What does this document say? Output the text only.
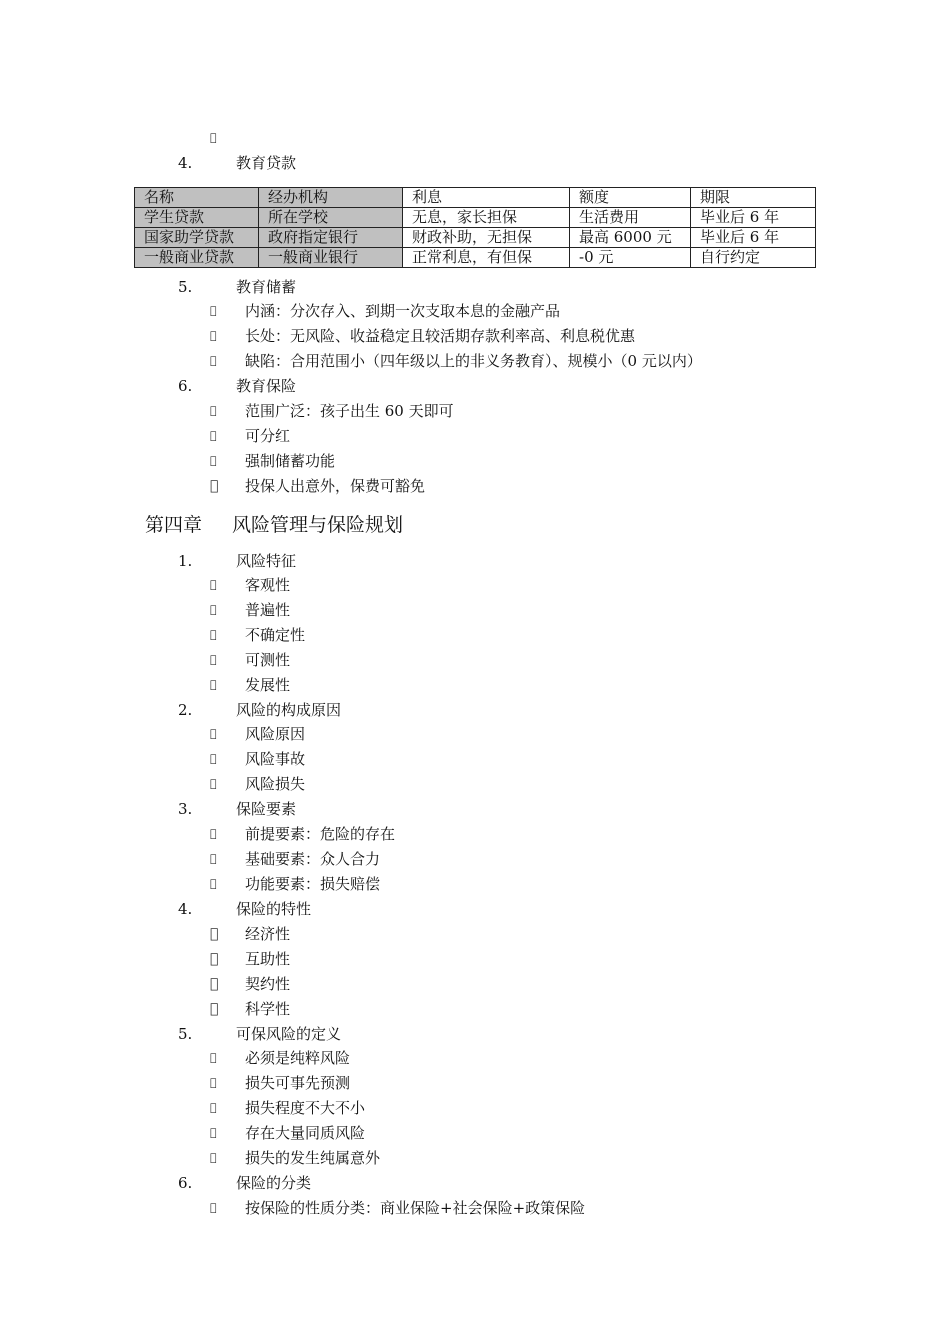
4.	教育贷款
名称	经办机构	利息	额度	期限
学生贷款	所在学校	无息，家长担保	生活费用	毕业后 6 年
国家助学贷款	政府指定银行	财政补助，无担保	最高 6000 元	毕业后 6 年
一般商业贷款	一般商业银行	正常利息，有但保	-0 元	自行约定
5.	教育储蓄
内涵：分次存入、到期一次支取本息的金融产品
长处：无风险、收益稳定且较活期存款利率高、利息税优惠
缺陷：合用范围小（四年级以上的非义务教育）、规模小（0 元以内）
6.	教育保险
范围广泛：孩子出生 60 天即可
可分红
强制储蓄功能
投保人出意外，保费可豁免
第四章 风险管理与保险规划
1.	风险特征
客观性
普遍性
不确定性
可测性
发展性
2.	风险的构成原因
风险原因
风险事故
风险损失
3.	保险要素
前提要素：危险的存在
基础要素：众人合力
功能要素：损失赔偿
4.	保险的特性
经济性
互助性
契约性
科学性
5.	可保风险的定义
必须是纯粹风险
损失可事先预测
损失程度不大不小
存在大量同质风险
损失的发生纯属意外
6.	保险的分类
按保险的性质分类：商业保险+社会保险+政策保险
